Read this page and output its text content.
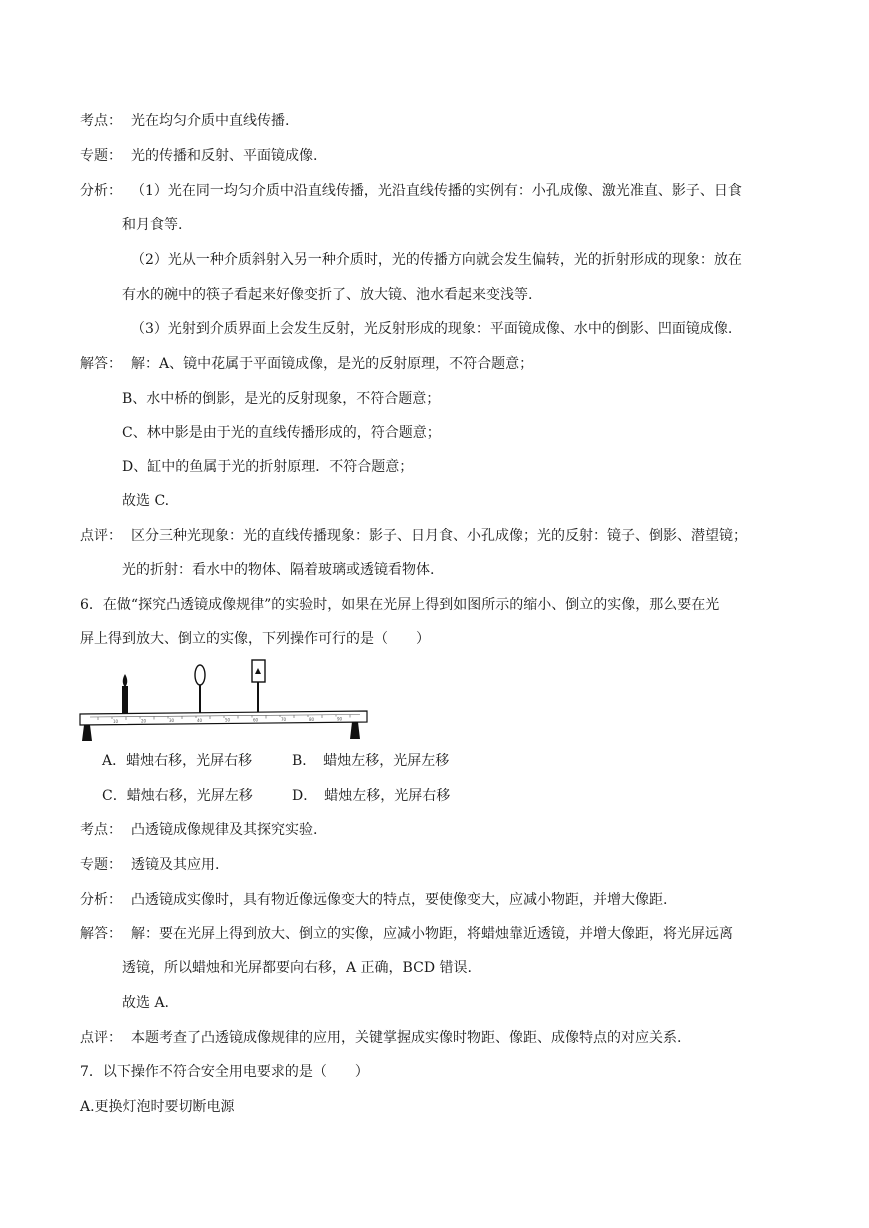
考点： 光在均匀介质中直线传播.
专题： 光的传播和反射、平面镜成像.
分析： （1）光在同一均匀介质中沿直线传播，光沿直线传播的实例有：小孔成像、激光准直、影子、日食
和月食等.
（2）光从一种介质斜射入另一种介质时，光的传播方向就会发生偏转，光的折射形成的现象：放在
有水的碗中的筷子看起来好像变折了、放大镜、池水看起来变浅等.
（3）光射到介质界面上会发生反射，光反射形成的现象：平面镜成像、水中的倒影、凹面镜成像.
解答： 解：A、镜中花属于平面镜成像，是光的反射原理，不符合题意；
B、水中桥的倒影，是光的反射现象，不符合题意；
C、林中影是由于光的直线传播形成的，符合题意；
D、缸中的鱼属于光的折射原理．不符合题意；
故选 C.
点评： 区分三种光现象：光的直线传播现象：影子、日月食、小孔成像；光的反射：镜子、倒影、潜望镜；
光的折射：看水中的物体、隔着玻璃或透镜看物体.
6．在做“探究凸透镜成像规律”的实验时，如果在光屏上得到如图所示的缩小、倒立的实像，那么要在光
屏上得到放大、倒立的实像，下列操作可行的是（　　）
10	20	30	40	50	60	70	80	90
A．蜡烛右移，光屏右移	B．　蜡烛左移，光屏左移
C．蜡烛右移，光屏左移	D．　蜡烛左移，光屏右移
考点： 凸透镜成像规律及其探究实验.
专题： 透镜及其应用.
分析： 凸透镜成实像时，具有物近像远像变大的特点，要使像变大，应减小物距，并增大像距.
解答： 解：要在光屏上得到放大、倒立的实像，应减小物距，将蜡烛靠近透镜，并增大像距，将光屏远离
透镜，所以蜡烛和光屏都要向右移，A 正确，BCD 错误.
故选 A.
点评： 本题考查了凸透镜成像规律的应用，关键掌握成实像时物距、像距、成像特点的对应关系.
7．以下操作不符合安全用电要求的是（　　）
A.更换灯泡时要切断电源
